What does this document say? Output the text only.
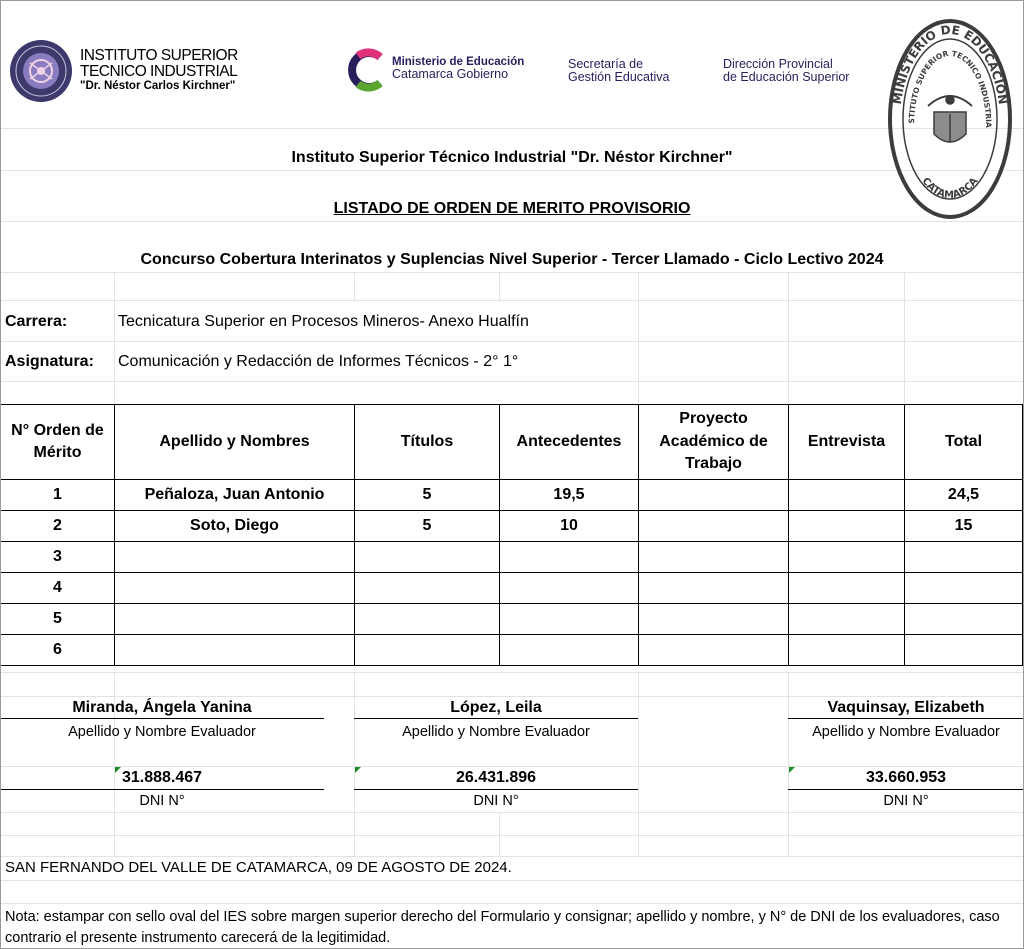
INSTITUTO SUPERIOR
TECNICO INDUSTRIAL
"Dr. Néstor Carlos Kirchner"
Ministerio de Educación
Catamarca Gobierno
Secretaría de
Gestión Educativa
Dirección Provincial
de Educación Superior
MINISTERIO DE EDUCACION
STITUTO SUPERIOR TECNICO INDUSTRIA
CATAMARCA
Instituto Superior Técnico Industrial "Dr. Néstor Kirchner"
LISTADO DE ORDEN DE MERITO PROVISORIO
Concurso Cobertura Interinatos y Suplencias Nivel Superior - Tercer Llamado - Ciclo Lectivo 2024
Carrera:	Tecnicatura Superior en Procesos Mineros- Anexo Hualfín
Asignatura: Comunicación y Redacción de Informes Técnicos - 2° 1°
N° Orden de Mérito	Apellido y Nombres	Títulos	Antecedentes	Proyecto Académico de Trabajo	Entrevista	Total
1	Peñaloza, Juan Antonio	5	19,5			24,5
2	Soto, Diego	5	10			15
3						
4						
5						
6						
Miranda, Ángela Yanina
Apellido y Nombre Evaluador
31.888.467
DNI N°
López, Leila
Apellido y Nombre Evaluador
26.431.896
DNI N°
Vaquinsay, Elizabeth
Apellido y Nombre Evaluador
33.660.953
DNI N°
SAN FERNANDO DEL VALLE DE CATAMARCA, 09 DE AGOSTO DE 2024.
Nota: estampar con sello oval del IES sobre margen superior derecho del Formulario y consignar; apellido y nombre, y N° de DNI de los evaluadores, caso contrario el presente instrumento carecerá de la legitimidad.
